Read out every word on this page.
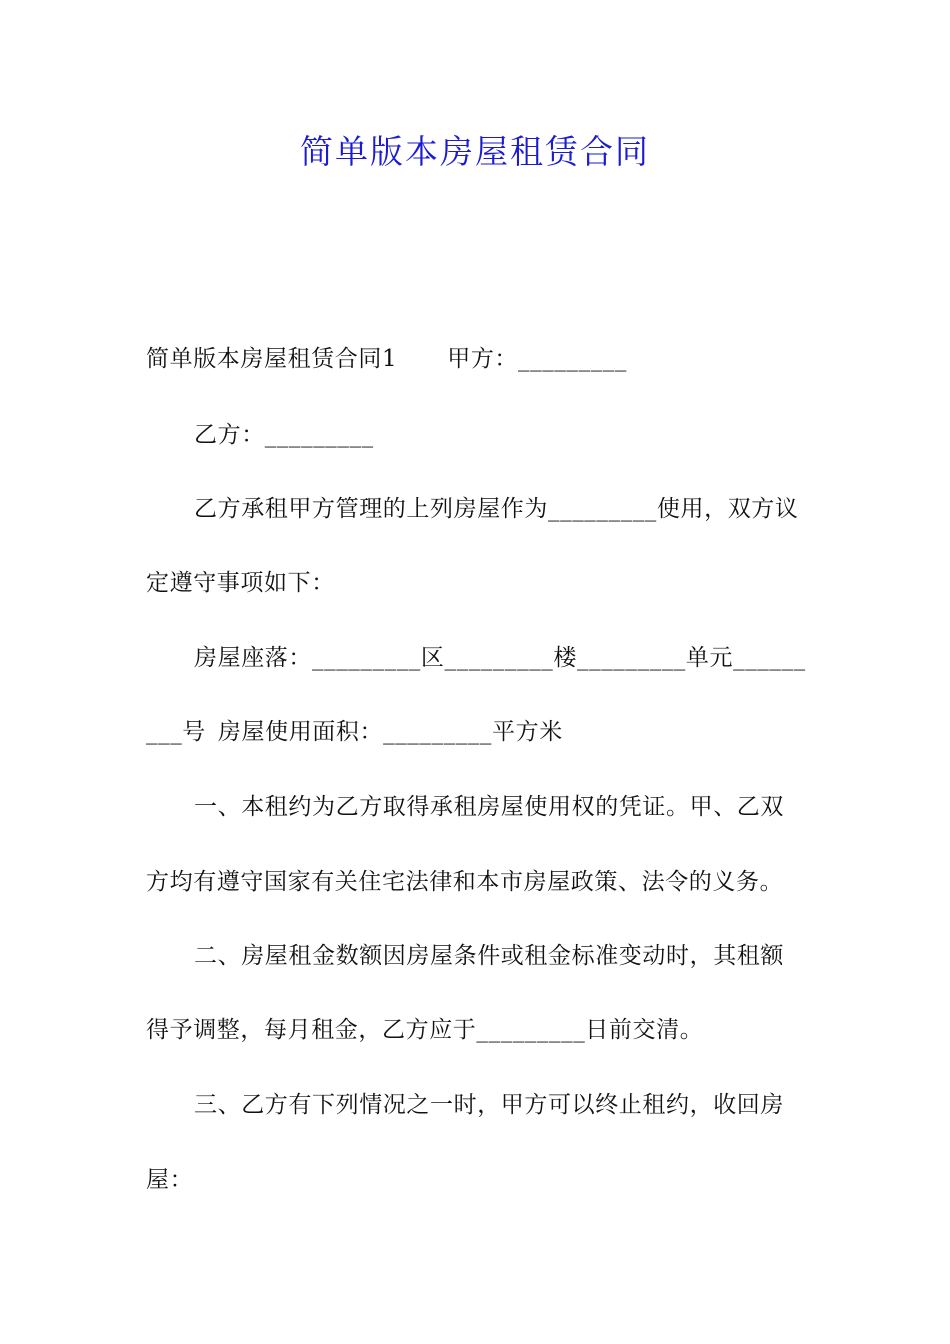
简单版本房屋租赁合同
简单版本房屋租赁合同1 甲方：_________
乙方：_________
乙方承租甲方管理的上列房屋作为_________使用，双方议
定遵守事项如下：
房屋座落：_________区_________楼_________单元______
___号 房屋使用面积：_________平方米
一、本租约为乙方取得承租房屋使用权的凭证。甲、乙双
方均有遵守国家有关住宅法律和本市房屋政策、法令的义务。
二、房屋租金数额因房屋条件或租金标准变动时，其租额
得予调整，每月租金，乙方应于_________日前交清。
三、乙方有下列情况之一时，甲方可以终止租约，收回房
屋：
